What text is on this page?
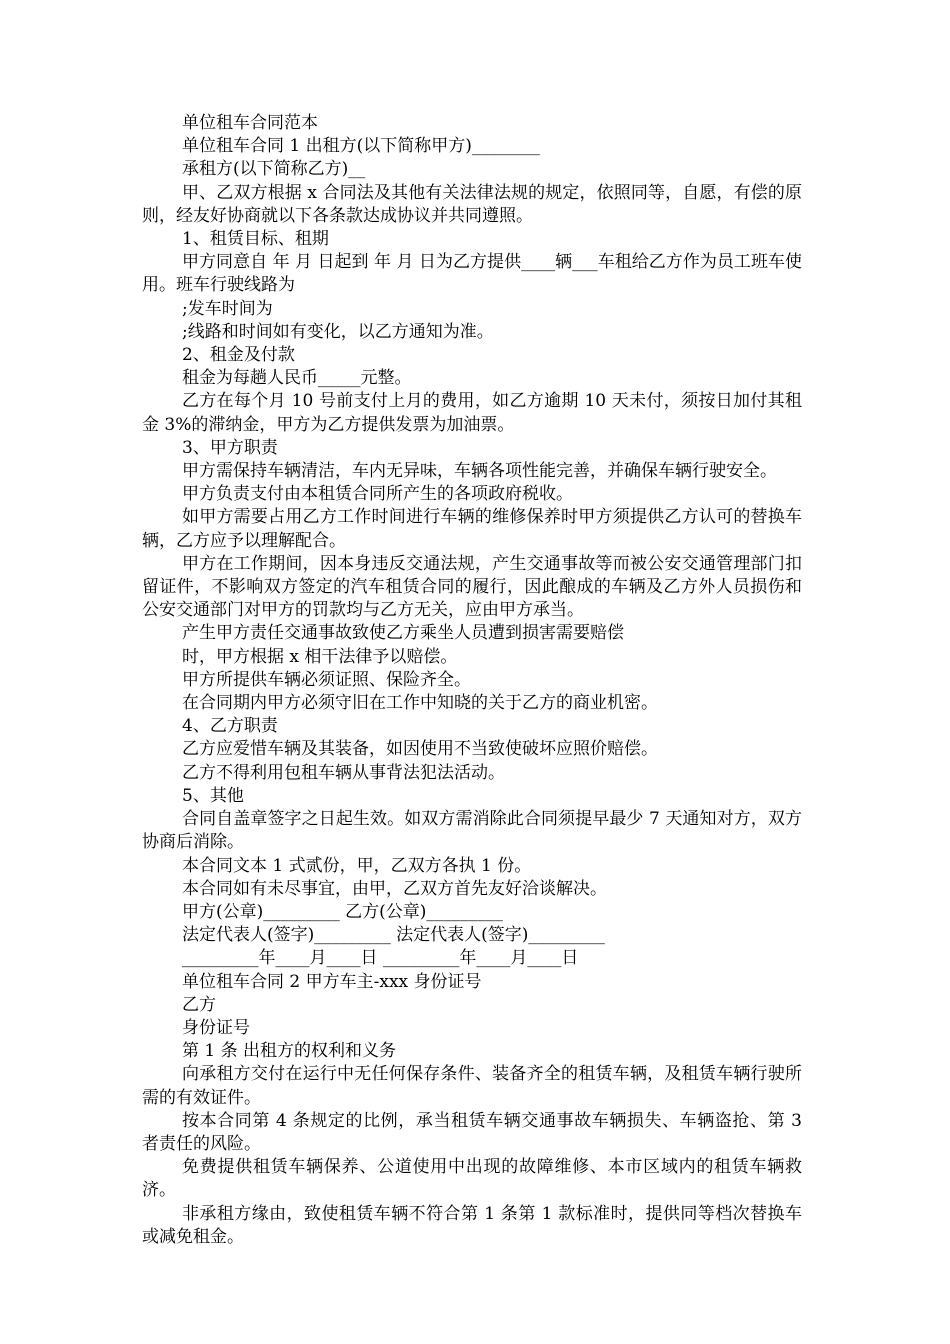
单位租车合同范本

单位租车合同 1 出租方(以下简称甲方)________

承租方(以下简称乙方)__

甲、乙双方根据 x 合同法及其他有关法律法规的规定，依照同等，自愿，有偿的原则，经友好协商就以下各条款达成协议并共同遵照。

1、租赁目标、租期

甲方同意自 年 月 日起到 年 月 日为乙方提供____辆___车租给乙方作为员工班车使用。班车行驶线路为

;发车时间为

;线路和时间如有变化，以乙方通知为准。

2、租金及付款

租金为每趟人民币_____元整。

乙方在每个月 10 号前支付上月的费用，如乙方逾期 10 天未付，须按日加付其租金 3%的滞纳金，甲方为乙方提供发票为加油票。

3、甲方职责

甲方需保持车辆清洁，车内无异味，车辆各项性能完善，并确保车辆行驶安全。

甲方负责支付由本租赁合同所产生的各项政府税收。

如甲方需要占用乙方工作时间进行车辆的维修保养时甲方须提供乙方认可的替换车辆，乙方应予以理解配合。

甲方在工作期间，因本身违反交通法规，产生交通事故等而被公安交通管理部门扣留证件，不影响双方签定的汽车租赁合同的履行，因此酿成的车辆及乙方外人员损伤和公安交通部门对甲方的罚款均与乙方无关，应由甲方承当。

产生甲方责任交通事故致使乙方乘坐人员遭到损害需要赔偿

时，甲方根据 x 相干法律予以赔偿。

甲方所提供车辆必须证照、保险齐全。

在合同期内甲方必须守旧在工作中知晓的关于乙方的商业机密。

4、乙方职责

乙方应爱惜车辆及其装备，如因使用不当致使破坏应照价赔偿。

乙方不得利用包租车辆从事背法犯法活动。

5、其他

合同自盖章签字之日起生效。如双方需消除此合同须提早最少 7 天通知对方，双方协商后消除。

本合同文本 1 式贰份，甲，乙双方各执 1 份。

本合同如有未尽事宜，由甲，乙双方首先友好洽谈解决。

甲方(公章)_________ 乙方(公章)_________

法定代表人(签字)_________ 法定代表人(签字)_________

_________年____月____日 _________年____月____日

单位租车合同 2 甲方车主-xxx 身份证号

乙方

身份证号

第 1 条 出租方的权利和义务

向承租方交付在运行中无任何保存条件、装备齐全的租赁车辆，及租赁车辆行驶所需的有效证件。

按本合同第 4 条规定的比例，承当租赁车辆交通事故车辆损失、车辆盗抢、第 3 者责任的风险。

免费提供租赁车辆保养、公道使用中出现的故障维修、本市区域内的租赁车辆救济。

非承租方缘由，致使租赁车辆不符合第 1 条第 1 款标准时，提供同等档次替换车或减免租金。
